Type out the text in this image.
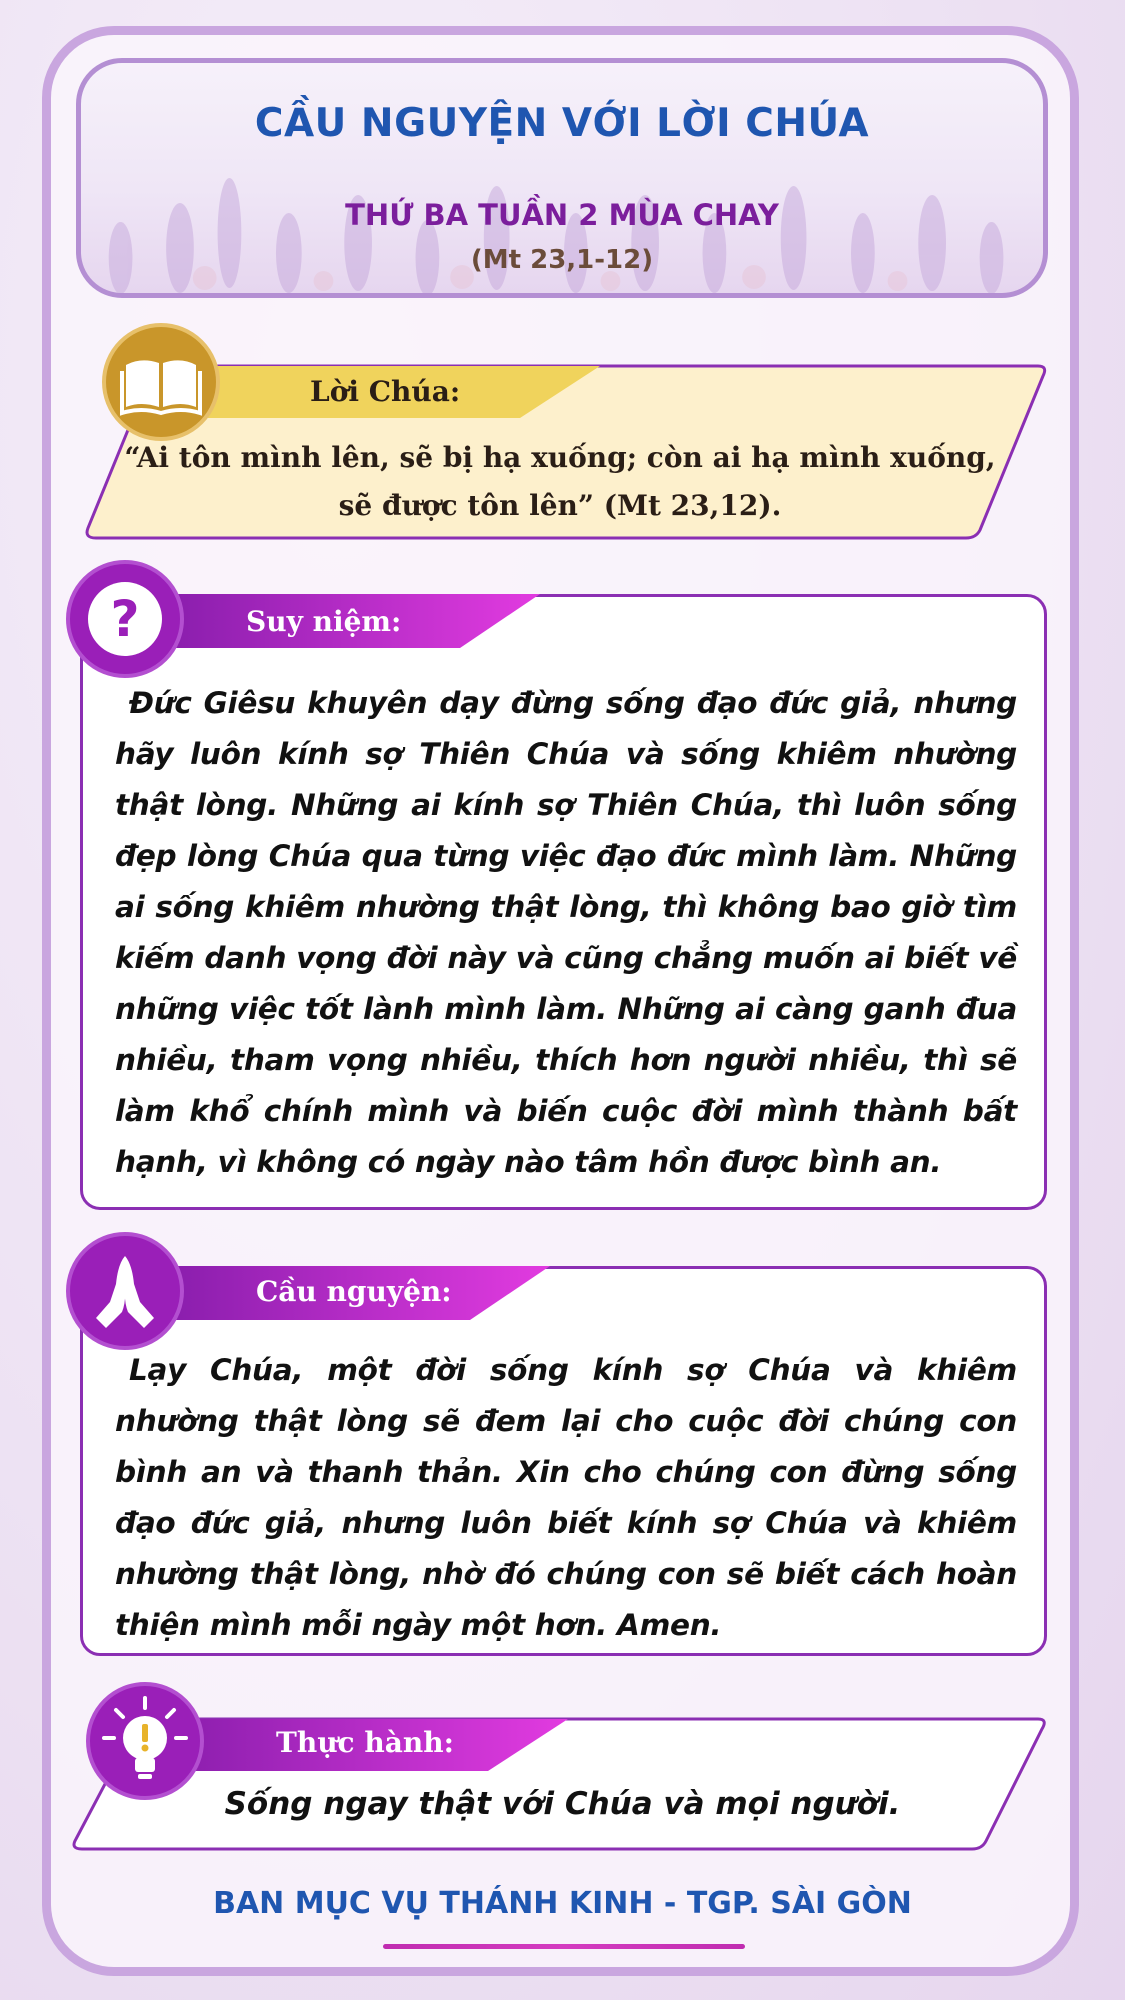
CẦU NGUYỆN VỚI LỜI CHÚA
THỨ BA TUẦN 2 MÙA CHAY
(Mt 23,1-12)
Lời Chúa:
“Ai tôn mình lên, sẽ bị hạ xuống; còn ai hạ mình xuống,
sẽ được tôn lên” (Mt 23,12).
?	Suy niệm:
Đức Giêsu khuyên dạy đừng sống đạo đức giả, nhưng hãy luôn kính sợ Thiên Chúa và sống khiêm nhường thật lòng. Những ai kính sợ Thiên Chúa, thì luôn sống đẹp lòng Chúa qua từng việc đạo đức mình làm. Những ai sống khiêm nhường thật lòng, thì không bao giờ tìm kiếm danh vọng đời này và cũng chẳng muốn ai biết về những việc tốt lành mình làm. Những ai càng ganh đua nhiều, tham vọng nhiều, thích hơn người nhiều, thì sẽ làm khổ chính mình và biến cuộc đời mình thành bất hạnh, vì không có ngày nào tâm hồn được bình an.
Cầu nguyện:
Lạy Chúa, một đời sống kính sợ Chúa và khiêm nhường thật lòng sẽ đem lại cho cuộc đời chúng con bình an và thanh thản. Xin cho chúng con đừng sống đạo đức giả, nhưng luôn biết kính sợ Chúa và khiêm nhường thật lòng, nhờ đó chúng con sẽ biết cách hoàn thiện mình mỗi ngày một hơn. Amen.
Thực hành:
Sống ngay thật với Chúa và mọi người.
BAN MỤC VỤ THÁNH KINH - TGP. SÀI GÒN
